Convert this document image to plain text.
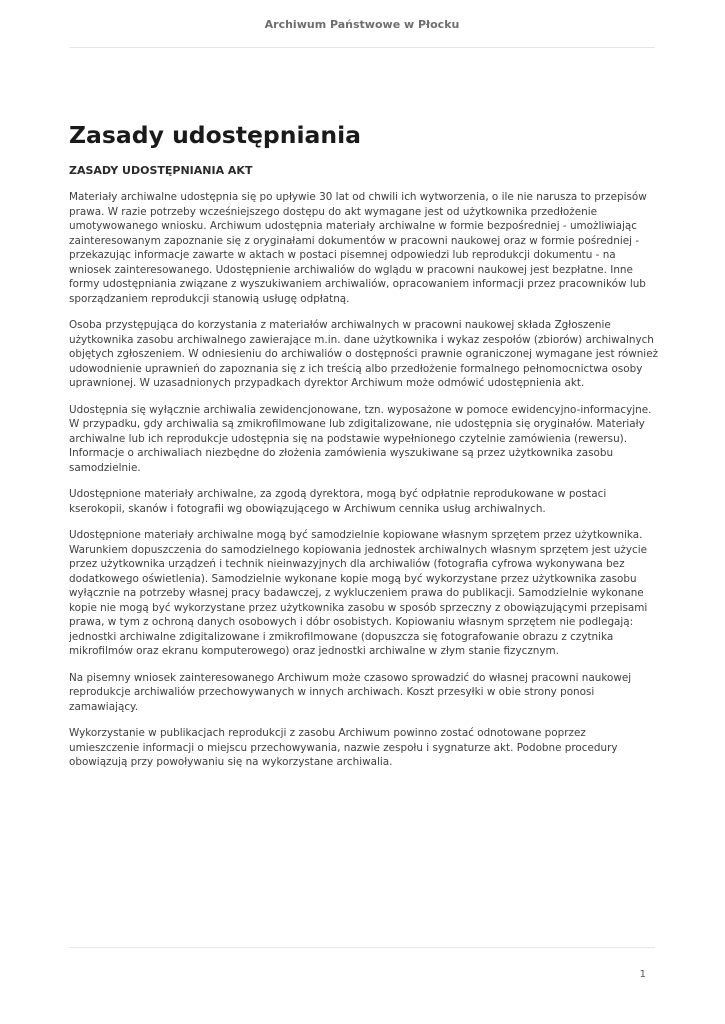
Archiwum Państwowe w Płocku
Zasady udostępniania
ZASADY UDOSTĘPNIANIA AKT

Materiały archiwalne udostępnia się po upływie 30 lat od chwili ich wytworzenia, o ile nie narusza to przepisów prawa. W razie potrzeby wcześniejszego dostępu do akt wymagane jest od użytkownika przedłożenie umotywowanego wniosku. Archiwum udostępnia materiały archiwalne w formie bezpośredniej - umożliwiając zainteresowanym zapoznanie się z oryginałami dokumentów w pracowni naukowej oraz w formie pośredniej - przekazując informacje zawarte w aktach w postaci pisemnej odpowiedzi lub reprodukcji dokumentu - na wniosek zainteresowanego. Udostępnienie archiwaliów do wglądu w pracowni naukowej jest bezpłatne. Inne formy udostępniania związane z wyszukiwaniem archiwaliów, opracowaniem informacji przez pracowników lub sporządzaniem reprodukcji stanowią usługę odpłatną.

Osoba przystępująca do korzystania z materiałów archiwalnych w pracowni naukowej składa Zgłoszenie użytkownika zasobu archiwalnego zawierające m.in. dane użytkownika i wykaz zespołów (zbiorów) archiwalnych objętych zgłoszeniem. W odniesieniu do archiwaliów o dostępności prawnie ograniczonej wymagane jest również udowodnienie uprawnień do zapoznania się z ich treścią albo przedłożenie formalnego pełnomocnictwa osoby uprawnionej. W uzasadnionych przypadkach dyrektor Archiwum może odmówić udostępnienia akt.

Udostępnia się wyłącznie archiwalia zewidencjonowane, tzn. wyposażone w pomoce ewidencyjno-informacyjne. W przypadku, gdy archiwalia są zmikrofilmowane lub zdigitalizowane, nie udostępnia się oryginałów. Materiały archiwalne lub ich reprodukcje udostępnia się na podstawie wypełnionego czytelnie zamówienia (rewersu). Informacje o archiwaliach niezbędne do złożenia zamówienia wyszukiwane są przez użytkownika zasobu samodzielnie.

Udostępnione materiały archiwalne, za zgodą dyrektora, mogą być odpłatnie reprodukowane w postaci kserokopii, skanów i fotografii wg obowiązującego w Archiwum cennika usług archiwalnych.

Udostępnione materiały archiwalne mogą być samodzielnie kopiowane własnym sprzętem przez użytkownika. Warunkiem dopuszczenia do samodzielnego kopiowania jednostek archiwalnych własnym sprzętem jest użycie przez użytkownika urządzeń i technik nieinwazyjnych dla archiwaliów (fotografia cyfrowa wykonywana bez dodatkowego oświetlenia). Samodzielnie wykonane kopie mogą być wykorzystane przez użytkownika zasobu wyłącznie na potrzeby własnej pracy badawczej, z wykluczeniem prawa do publikacji. Samodzielnie wykonane kopie nie mogą być wykorzystane przez użytkownika zasobu w sposób sprzeczny z obowiązującymi przepisami prawa, w tym z ochroną danych osobowych i dóbr osobistych. Kopiowaniu własnym sprzętem nie podlegają: jednostki archiwalne zdigitalizowane i zmikrofilmowane (dopuszcza się fotografowanie obrazu z czytnika mikrofilmów oraz ekranu komputerowego) oraz jednostki archiwalne w złym stanie fizycznym.

Na pisemny wniosek zainteresowanego Archiwum może czasowo sprowadzić do własnej pracowni naukowej reprodukcje archiwaliów przechowywanych w innych archiwach. Koszt przesyłki w obie strony ponosi zamawiający.

Wykorzystanie w publikacjach reprodukcji z zasobu Archiwum powinno zostać odnotowane poprzez umieszczenie informacji o miejscu przechowywania, nazwie zespołu i sygnaturze akt. Podobne procedury obowiązują przy powoływaniu się na wykorzystane archiwalia.

1
